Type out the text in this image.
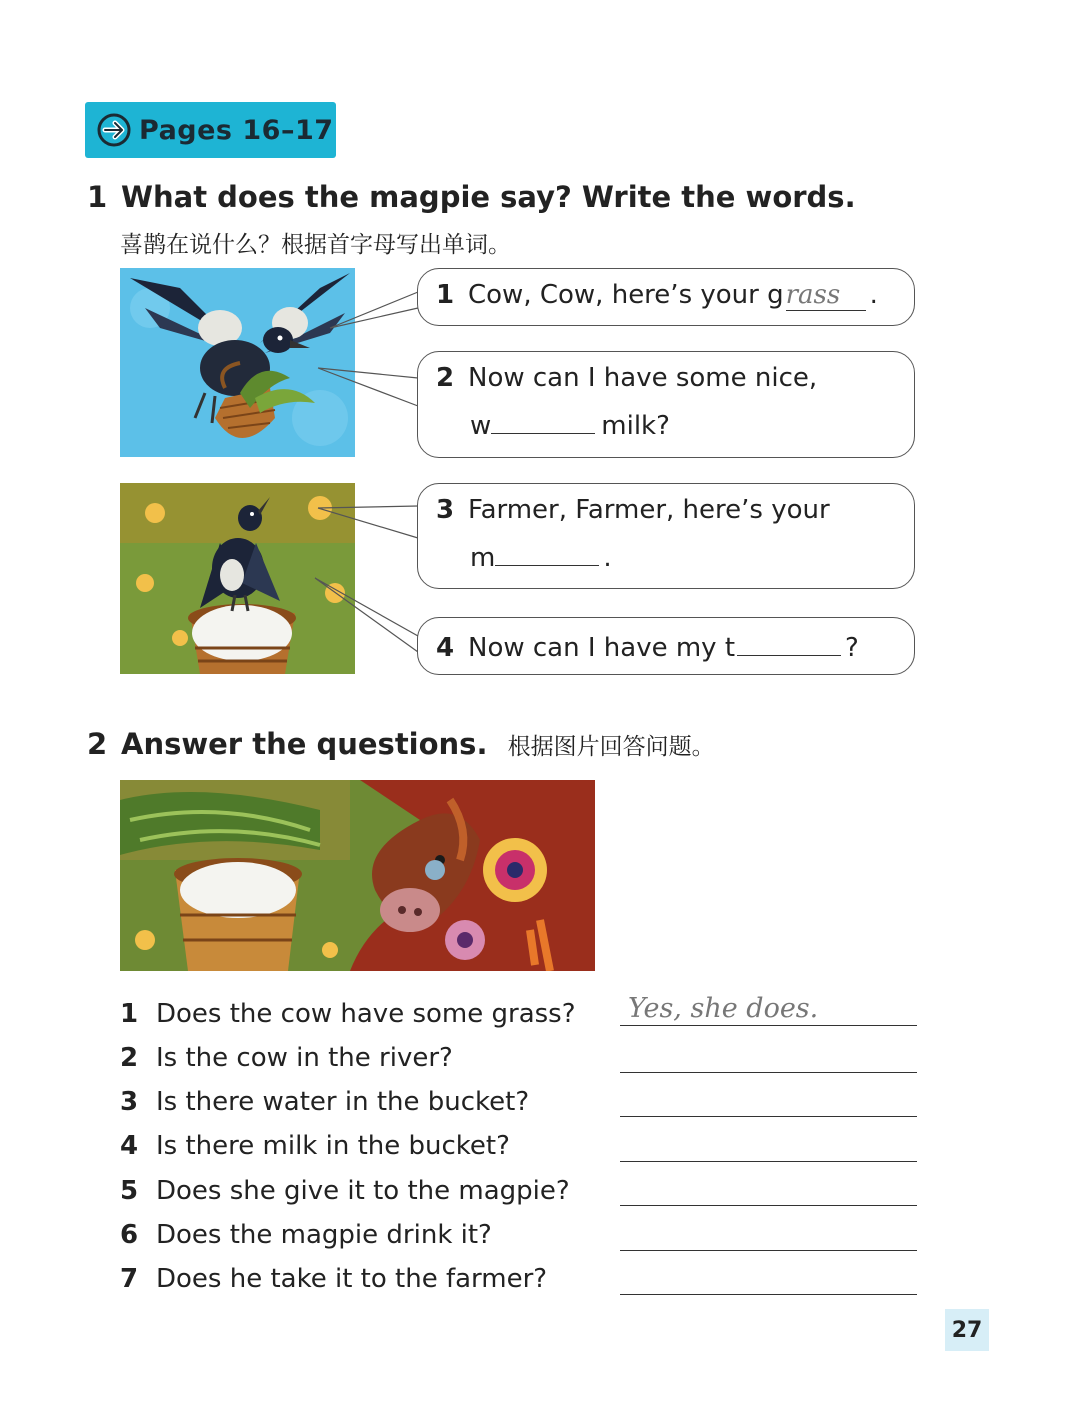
Pages 16–17
1 What does the magpie say? Write the words.
喜鹊在说什么？根据首字母写出单词。
1 Cow, Cow, here’s your grass .
2 Now can I have some nice,
w	milk?
3 Farmer, Farmer, here’s your
m	.
4 Now can I have my t	?
2 Answer the questions. 根据图片回答问题。
1 Does the cow have some grass? Yes, she does.
2 Is the cow in the river?
3 Is there water in the bucket?
4 Is there milk in the bucket?
5 Does she give it to the magpie?
6 Does the magpie drink it?
7 Does he take it to the farmer?
27
